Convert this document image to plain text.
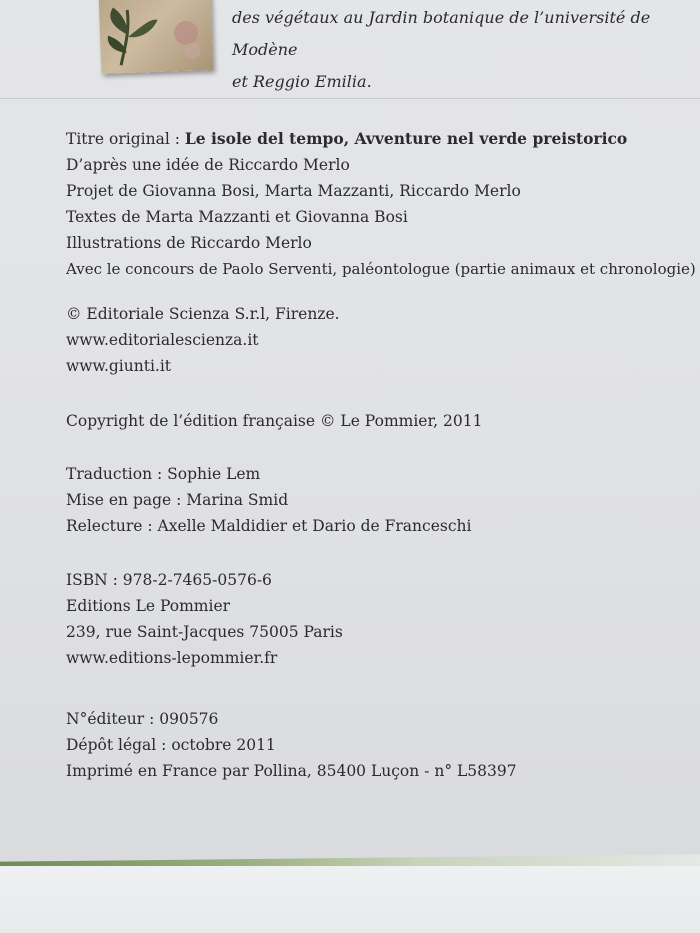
des végétaux au Jardin botanique de l’université de Modène
et Reggio Emilia.
Titre original : Le isole del tempo, Avventure nel verde preistorico
D’après une idée de Riccardo Merlo
Projet de Giovanna Bosi, Marta Mazzanti, Riccardo Merlo
Textes de Marta Mazzanti et Giovanna Bosi
Illustrations de Riccardo Merlo
Avec le concours de Paolo Serventi, paléontologue (partie animaux et chronologie)
© Editoriale Scienza S.r.l, Firenze.
www.editorialescienza.it
www.giunti.it
Copyright de l’édition française © Le Pommier, 2011
Traduction : Sophie Lem
Mise en page : Marina Smid
Relecture : Axelle Maldidier et Dario de Franceschi
ISBN : 978-2-7465-0576-6
Editions Le Pommier
239, rue Saint-Jacques 75005 Paris
www.editions-lepommier.fr
N°éditeur : 090576
Dépôt légal : octobre 2011
Imprimé en France par Pollina, 85400 Luçon - n° L58397
